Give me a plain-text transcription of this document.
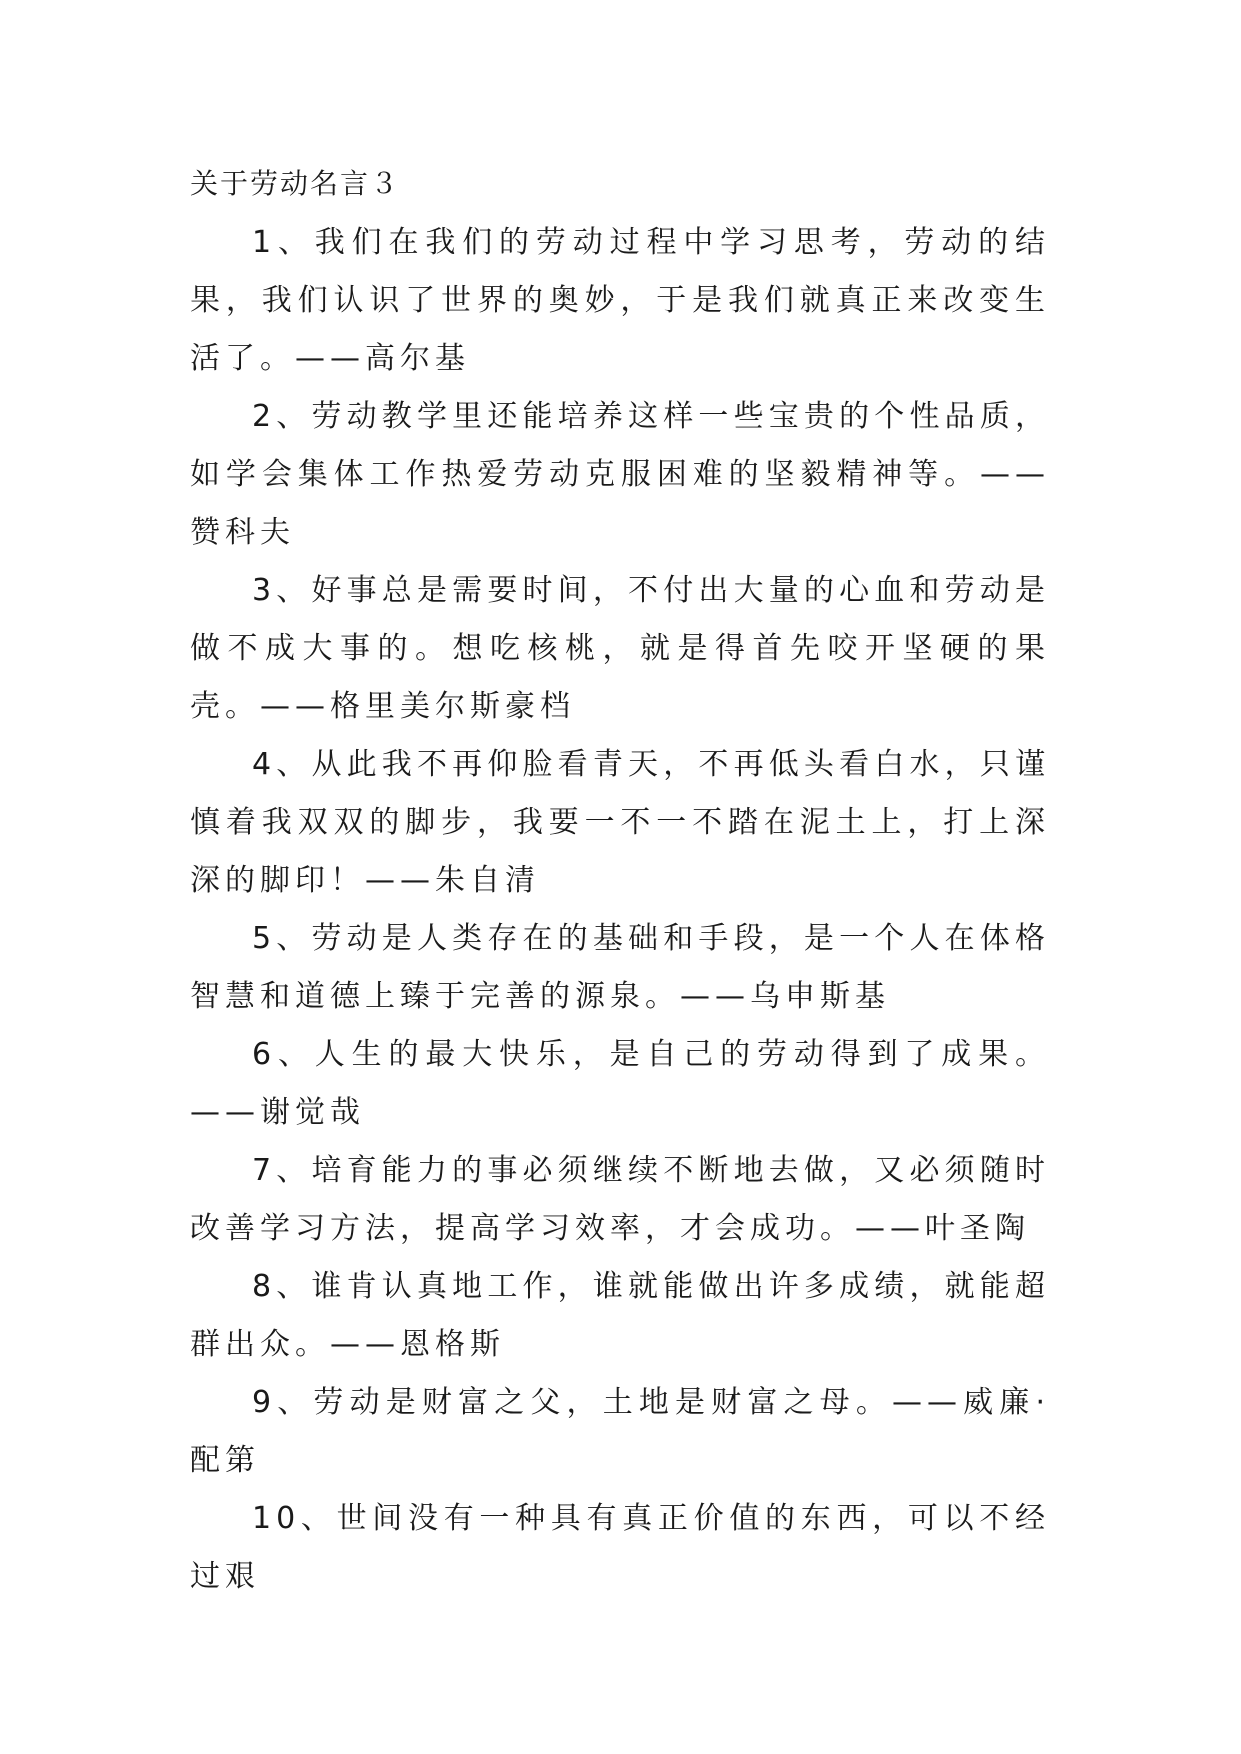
关于劳动名言３

1、我们在我们的劳动过程中学习思考，劳动的结果，我们认识了世界的奥妙，于是我们就真正来改变生活了。——高尔基

2、劳动教学里还能培养这样一些宝贵的个性品质，如学会集体工作热爱劳动克服困难的坚毅精神等。——赞科夫

3、好事总是需要时间，不付出大量的心血和劳动是做不成大事的。想吃核桃，就是得首先咬开坚硬的果壳。——格里美尔斯豪档

4、从此我不再仰脸看青天，不再低头看白水，只谨慎着我双双的脚步，我要一不一不踏在泥土上，打上深深的脚印！——朱自清

5、劳动是人类存在的基础和手段，是一个人在体格智慧和道德上臻于完善的源泉。——乌申斯基

6、人生的最大快乐，是自己的劳动得到了成果。——谢觉哉

7、培育能力的事必须继续不断地去做，又必须随时改善学习方法，提高学习效率，才会成功。——叶圣陶

8、谁肯认真地工作，谁就能做出许多成绩，就能超群出众。——恩格斯

9、劳动是财富之父，土地是财富之母。——威廉·配第

10、世间没有一种具有真正价值的东西，可以不经过艰
